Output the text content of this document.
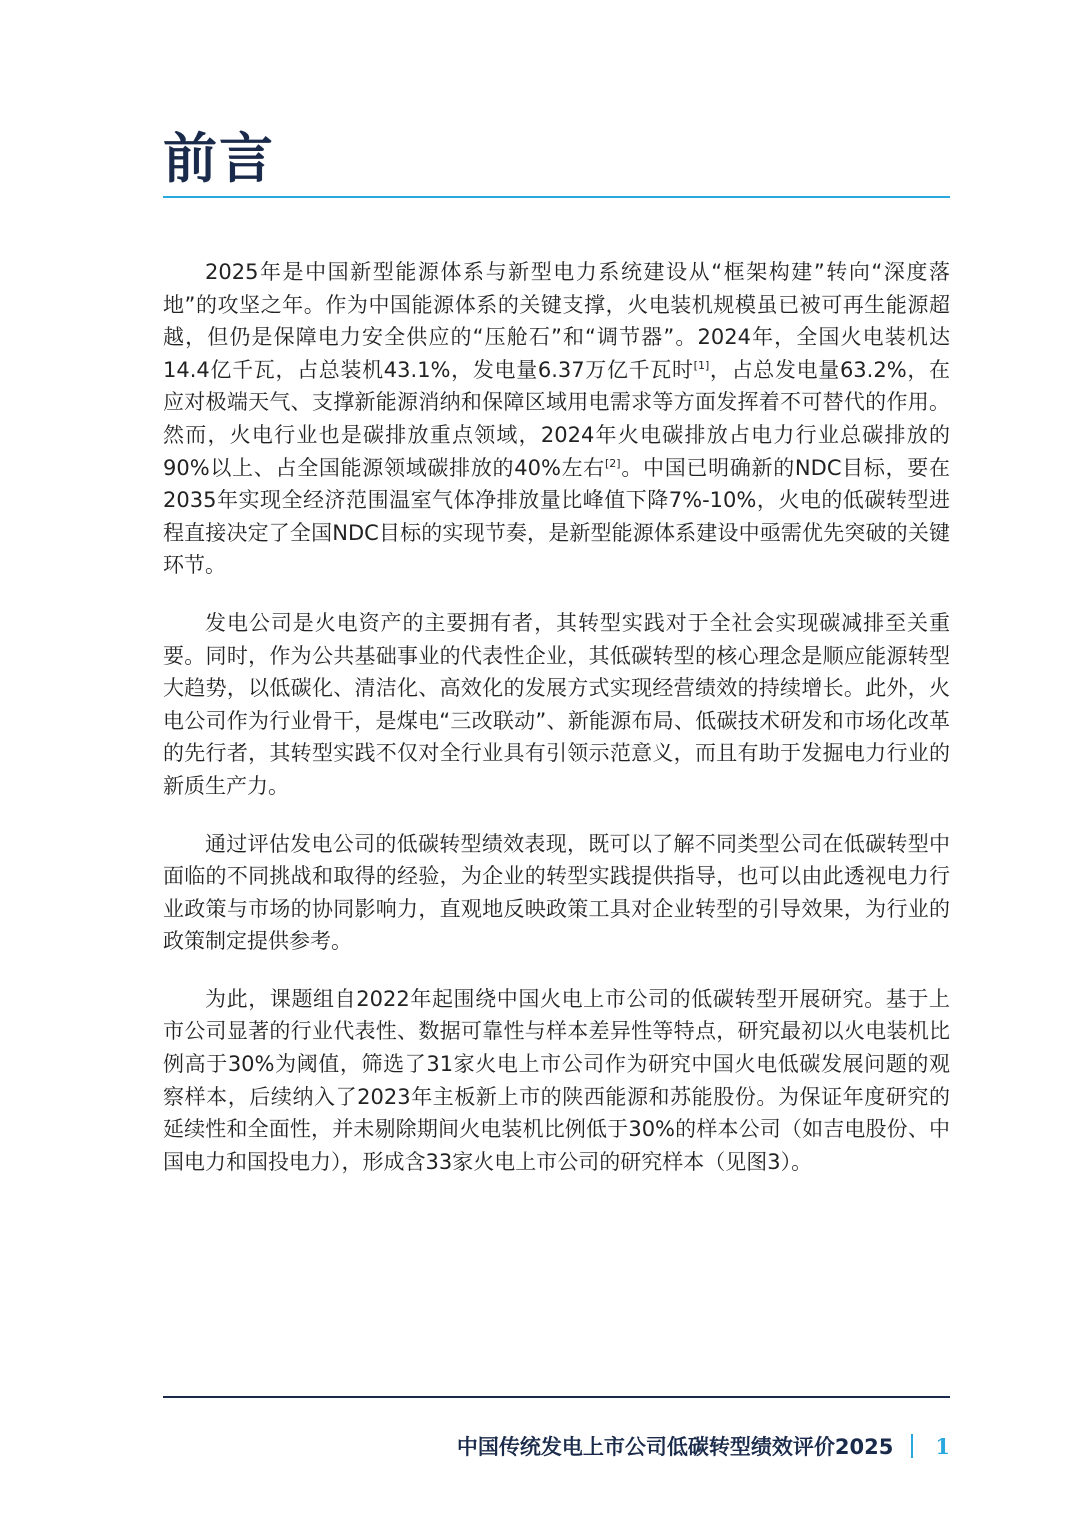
前言

2025年是中国新型能源体系与新型电力系统建设从“框架构建”转向“深度落地”的攻坚之年。作为中国能源体系的关键支撑，火电装机规模虽已被可再生能源超越，但仍是保障电力安全供应的“压舱石”和“调节器”。2024年，全国火电装机达14.4亿千瓦，占总装机43.1%，发电量6.37万亿千瓦时[1]，占总发电量63.2%，在应对极端天气、支撑新能源消纳和保障区域用电需求等方面发挥着不可替代的作用。然而，火电行业也是碳排放重点领域，2024年火电碳排放占电力行业总碳排放的90%以上、占全国能源领域碳排放的40%左右[2]。中国已明确新的NDC目标，要在2035年实现全经济范围温室气体净排放量比峰值下降7%-10%，火电的低碳转型进程直接决定了全国NDC目标的实现节奏，是新型能源体系建设中亟需优先突破的关键环节。

发电公司是火电资产的主要拥有者，其转型实践对于全社会实现碳减排至关重要。同时，作为公共基础事业的代表性企业，其低碳转型的核心理念是顺应能源转型大趋势，以低碳化、清洁化、高效化的发展方式实现经营绩效的持续增长。此外，火电公司作为行业骨干，是煤电“三改联动”、新能源布局、低碳技术研发和市场化改革的先行者，其转型实践不仅对全行业具有引领示范意义，而且有助于发掘电力行业的新质生产力。

通过评估发电公司的低碳转型绩效表现，既可以了解不同类型公司在低碳转型中面临的不同挑战和取得的经验，为企业的转型实践提供指导，也可以由此透视电力行业政策与市场的协同影响力，直观地反映政策工具对企业转型的引导效果，为行业的政策制定提供参考。

为此，课题组自2022年起围绕中国火电上市公司的低碳转型开展研究。基于上市公司显著的行业代表性、数据可靠性与样本差异性等特点，研究最初以火电装机比例高于30%为阈值，筛选了31家火电上市公司作为研究中国火电低碳发展问题的观察样本，后续纳入了2023年主板新上市的陕西能源和苏能股份。为保证年度研究的延续性和全面性，并未剔除期间火电装机比例低于30%的样本公司（如吉电股份、中国电力和国投电力），形成含33家火电上市公司的研究样本（见图3）。

中国传统发电上市公司低碳转型绩效评价2025 1
